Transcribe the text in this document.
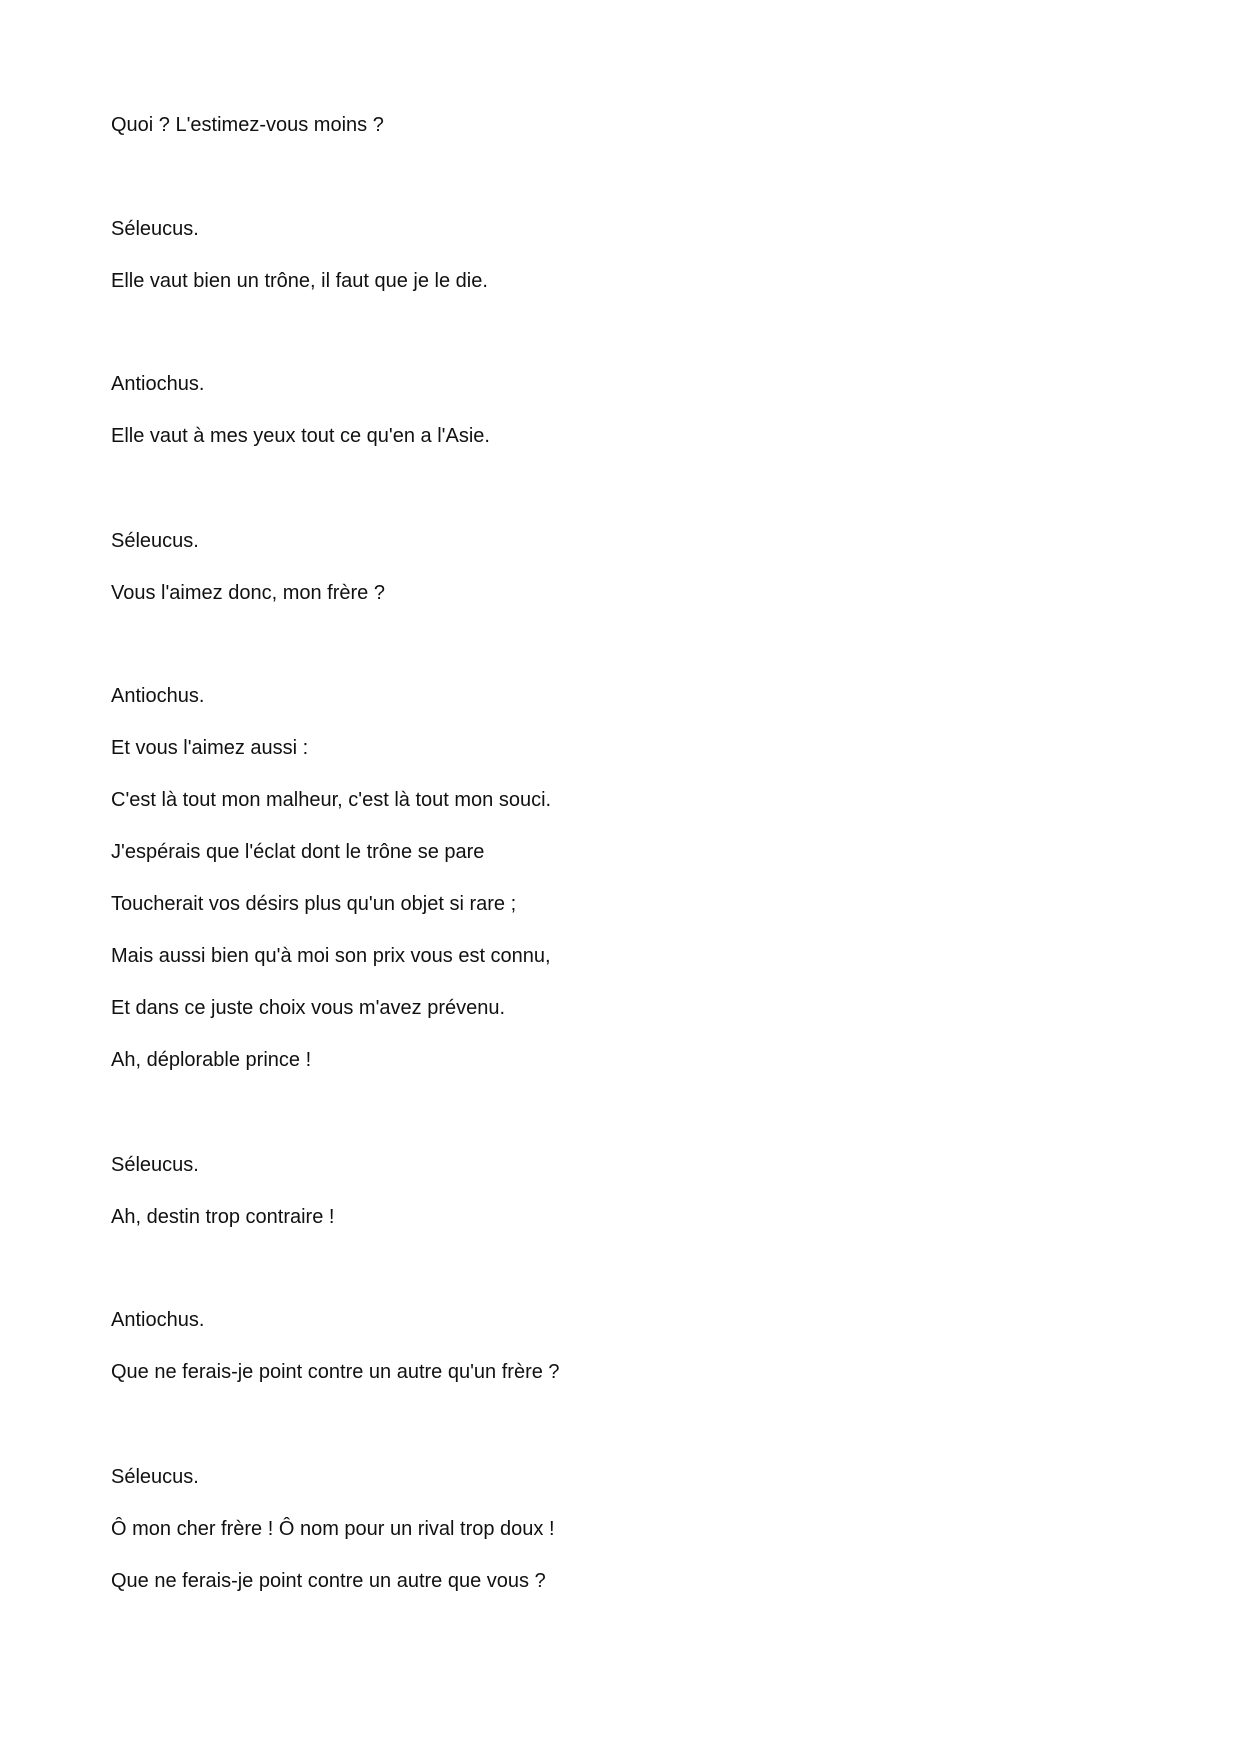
Quoi ? L'estimez-vous moins ?

Séleucus.

Elle vaut bien un trône, il faut que je le die.

Antiochus.

Elle vaut à mes yeux tout ce qu'en a l'Asie.

Séleucus.

Vous l'aimez donc, mon frère ?

Antiochus.

Et vous l'aimez aussi :

C'est là tout mon malheur, c'est là tout mon souci.

J'espérais que l'éclat dont le trône se pare

Toucherait vos désirs plus qu'un objet si rare ;

Mais aussi bien qu'à moi son prix vous est connu,

Et dans ce juste choix vous m'avez prévenu.

Ah, déplorable prince !

Séleucus.

Ah, destin trop contraire !

Antiochus.

Que ne ferais-je point contre un autre qu'un frère ?

Séleucus.

Ô mon cher frère ! Ô nom pour un rival trop doux !

Que ne ferais-je point contre un autre que vous ?
